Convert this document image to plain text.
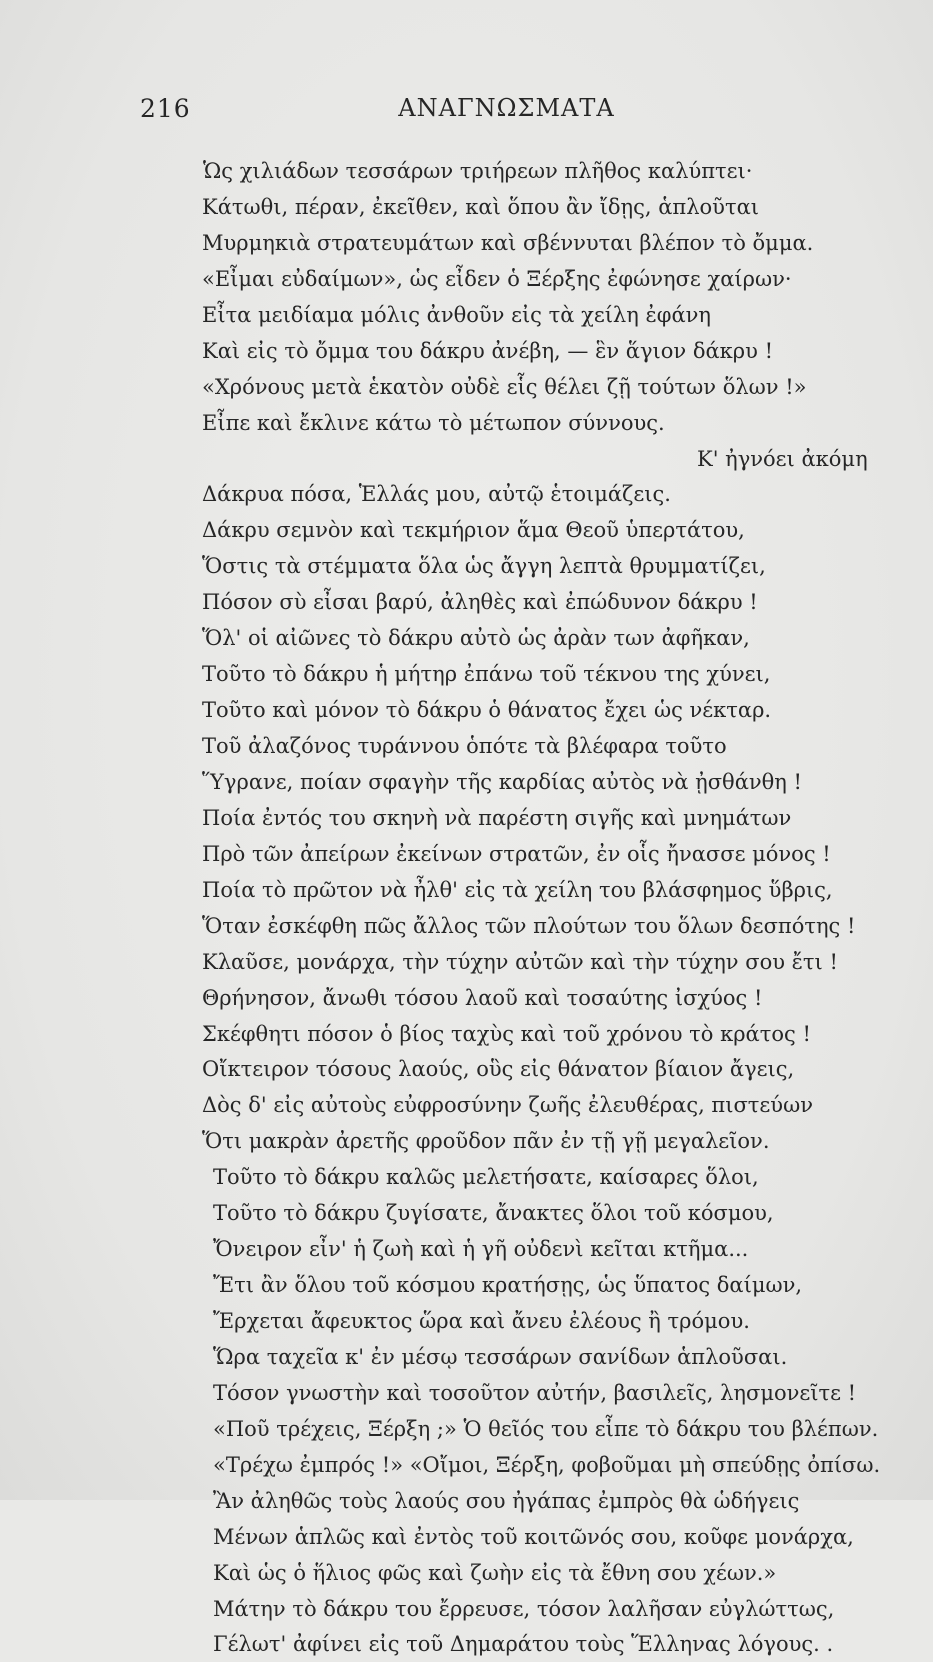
216	ΑΝΑΓΝΩΣΜΑΤΑ
Ὡς χιλιάδων τεσσάρων τριήρεων πλῆθος καλύπτει·
Κάτωθι, πέραν, ἐκεῖθεν, καὶ ὅπου ἂν ἴδῃς, ἁπλοῦται
Μυρμηκιὰ στρατευμάτων καὶ σβέννυται βλέπον τὸ ὄμμα.
«Εἶμαι εὐδαίμων», ὡς εἶδεν ὁ Ξέρξης ἐφώνησε χαίρων·
Εἶτα μειδίαμα μόλις ἀνθοῦν εἰς τὰ χείλη ἐφάνη
Καὶ εἰς τὸ ὄμμα του δάκρυ ἀνέβη, — ἓν ἅγιον δάκρυ !
«Χρόνους μετὰ ἑκατὸν οὐδὲ εἷς θέλει ζῇ τούτων ὅλων !»
Εἶπε καὶ ἔκλινε κάτω τὸ μέτωπον σύννους.
Κ' ἠγνόει ἀκόμη
Δάκρυα πόσα, Ἑλλάς μου, αὐτῷ ἑτοιμάζεις.
Δάκρυ σεμνὸν καὶ τεκμήριον ἅμα Θεοῦ ὑπερτάτου,
Ὅστις τὰ στέμματα ὅλα ὡς ἄγγη λεπτὰ θρυμματίζει,
Πόσον σὺ εἶσαι βαρύ, ἀληθὲς καὶ ἐπώδυνον δάκρυ !
Ὅλ' οἱ αἰῶνες τὸ δάκρυ αὐτὸ ὡς ἀρὰν των ἀφῆκαν,
Τοῦτο τὸ δάκρυ ἡ μήτηρ ἐπάνω τοῦ τέκνου της χύνει,
Τοῦτο καὶ μόνον τὸ δάκρυ ὁ θάνατος ἔχει ὡς νέκταρ.
Τοῦ ἀλαζόνος τυράννου ὁπότε τὰ βλέφαρα τοῦτο
Ὕγρανε, ποίαν σφαγὴν τῆς καρδίας αὐτὸς νὰ ᾐσθάνθη !
Ποία ἐντός του σκηνὴ νὰ παρέστη σιγῆς καὶ μνημάτων
Πρὸ τῶν ἀπείρων ἐκείνων στρατῶν, ἐν οἷς ἤνασσε μόνος !
Ποία τὸ πρῶτον νὰ ἦλθ' εἰς τὰ χείλη του βλάσφημος ὕβρις,
Ὅταν ἐσκέφθη πῶς ἄλλος τῶν πλούτων του ὅλων δεσπότης !
Κλαῦσε, μονάρχα, τὴν τύχην αὐτῶν καὶ τὴν τύχην σου ἔτι !
Θρήνησον, ἄνωθι τόσου λαοῦ καὶ τοσαύτης ἰσχύος !
Σκέφθητι πόσον ὁ βίος ταχὺς καὶ τοῦ χρόνου τὸ κράτος !
Οἴκτειρον τόσους λαούς, οὓς εἰς θάνατον βίαιον ἄγεις,
Δὸς δ' εἰς αὐτοὺς εὐφροσύνην ζωῆς ἐλευθέρας, πιστεύων
Ὅτι μακρὰν ἀρετῆς φροῦδον πᾶν ἐν τῇ γῇ μεγαλεῖον.
Τοῦτο τὸ δάκρυ καλῶς μελετήσατε, καίσαρες ὅλοι,
Τοῦτο τὸ δάκρυ ζυγίσατε, ἄνακτες ὅλοι τοῦ κόσμου,
Ὄνειρον εἶν' ἡ ζωὴ καὶ ἡ γῆ οὐδενὶ κεῖται κτῆμα...
Ἔτι ἂν ὅλου τοῦ κόσμου κρατήσῃς, ὡς ὕπατος δαίμων,
Ἔρχεται ἄφευκτος ὥρα καὶ ἄνευ ἐλέους ἢ τρόμου.
Ὥρα ταχεῖα κ' ἐν μέσῳ τεσσάρων σανίδων ἁπλοῦσαι.
Τόσον γνωστὴν καὶ τοσοῦτον αὐτήν, βασιλεῖς, λησμονεῖτε !
«Ποῦ τρέχεις, Ξέρξη ;» Ὁ θεῖός του εἶπε τὸ δάκρυ του βλέπων.
«Τρέχω ἐμπρός !» «Οἴμοι, Ξέρξη, φοβοῦμαι μὴ σπεύδῃς ὀπίσω.
Ἂν ἀληθῶς τοὺς λαούς σου ἠγάπας ἐμπρὸς θὰ ὡδήγεις
Μένων ἁπλῶς καὶ ἐντὸς τοῦ κοιτῶνός σου, κοῦφε μονάρχα,
Καὶ ὡς ὁ ἥλιος φῶς καὶ ζωὴν εἰς τὰ ἔθνη σου χέων.»
Μάτην τὸ δάκρυ του ἔρρευσε, τόσον λαλῆσαν εὐγλώττως,
Γέλωτ' ἀφίνει εἰς τοῦ Δημαράτου τοὺς Ἕλληνας λόγους. .
